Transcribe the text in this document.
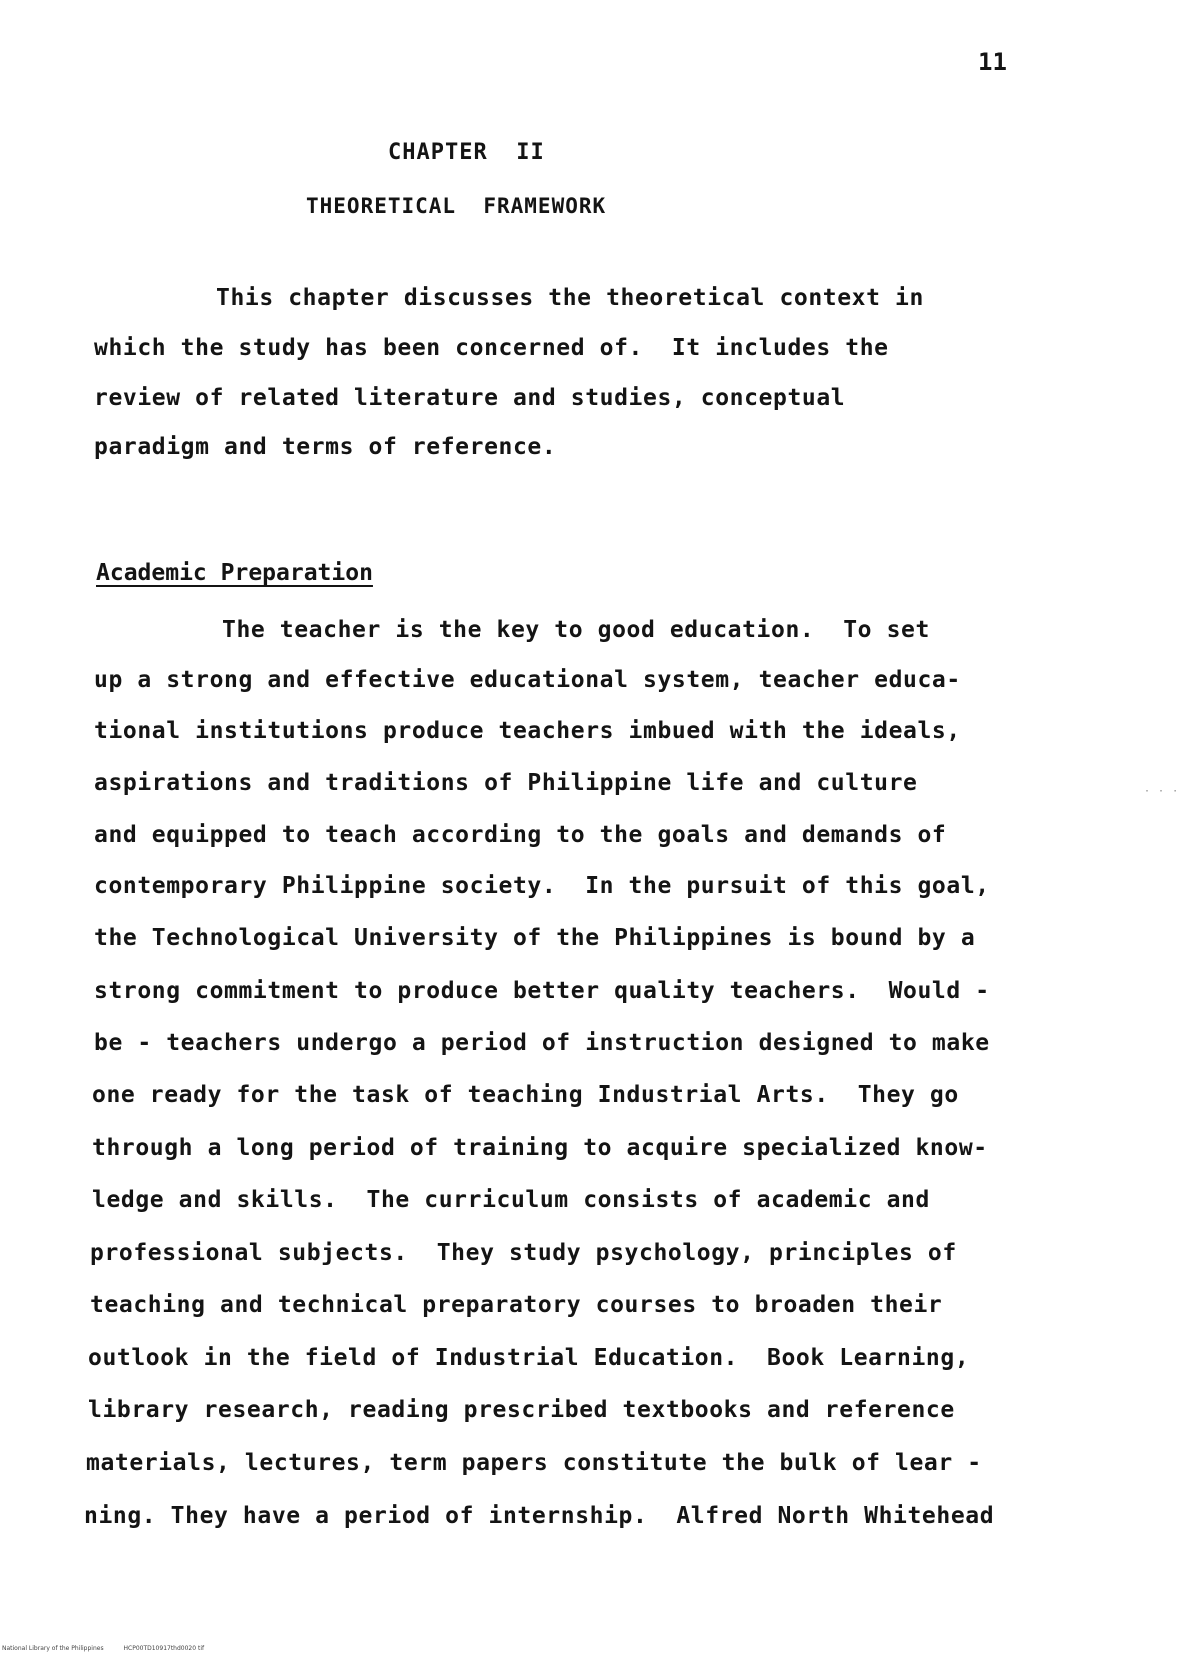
11
CHAPTER  II
THEORETICAL  FRAMEWORK
This chapter discusses the theoretical context in
which the study has been concerned of.  It includes the
review of related literature and studies, conceptual
paradigm and terms of reference.
Academic Preparation
The teacher is the key to good education.  To set
up a strong and effective educational system, teacher educa-
tional institutions produce teachers imbued with the ideals,
aspirations and traditions of Philippine life and culture
and equipped to teach according to the goals and demands of
contemporary Philippine society.  In the pursuit of this goal,
the Technological University of the Philippines is bound by a
strong commitment to produce better quality teachers.  Would -
be - teachers undergo a period of instruction designed to make
one ready for the task of teaching Industrial Arts.  They go
through a long period of training to acquire specialized know-
ledge and skills.  The curriculum consists of academic and
professional subjects.  They study psychology, principles of
teaching and technical preparatory courses to broaden their
outlook in the field of Industrial Education.  Book Learning,
library research, reading prescribed textbooks and reference
materials, lectures, term papers constitute the bulk of lear -
ning. They have a period of internship.  Alfred North Whitehead
· · ·
National Library of the Philippines	HCP00TD10917thd0020 tif
